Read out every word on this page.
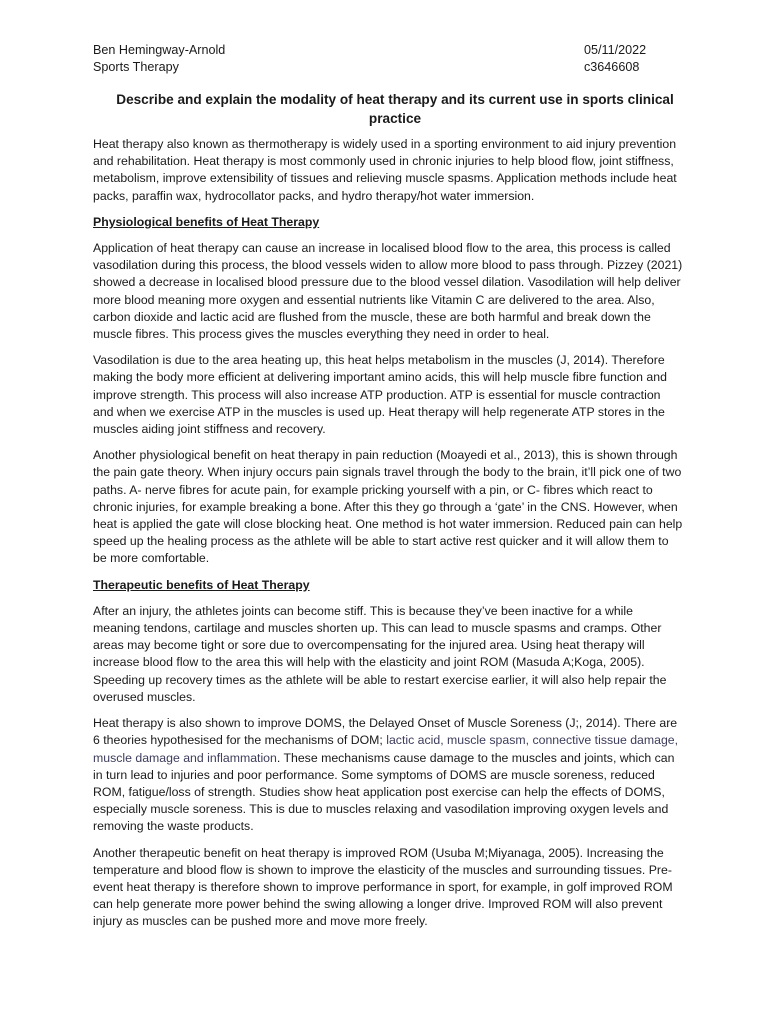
Ben Hemingway-Arnold
Sports Therapy
05/11/2022
c3646608
Describe and explain the modality of heat therapy and its current use in sports clinical practice

Heat therapy also known as thermotherapy is widely used in a sporting environment to aid injury prevention and rehabilitation. Heat therapy is most commonly used in chronic injuries to help blood flow, joint stiffness, metabolism, improve extensibility of tissues and relieving muscle spasms. Application methods include heat packs, paraffin wax, hydrocollator packs, and hydro therapy/hot water immersion.

Physiological benefits of Heat Therapy

Application of heat therapy can cause an increase in localised blood flow to the area, this process is called vasodilation during this process, the blood vessels widen to allow more blood to pass through. Pizzey (2021) showed a decrease in localised blood pressure due to the blood vessel dilation. Vasodilation will help deliver more blood meaning more oxygen and essential nutrients like Vitamin C are delivered to the area. Also, carbon dioxide and lactic acid are flushed from the muscle, these are both harmful and break down the muscle fibres. This process gives the muscles everything they need in order to heal.

Vasodilation is due to the area heating up, this heat helps metabolism in the muscles (J, 2014). Therefore making the body more efficient at delivering important amino acids, this will help muscle fibre function and improve strength. This process will also increase ATP production. ATP is essential for muscle contraction and when we exercise ATP in the muscles is used up. Heat therapy will help regenerate ATP stores in the muscles aiding joint stiffness and recovery.

Another physiological benefit on heat therapy in pain reduction (Moayedi et al., 2013), this is shown through the pain gate theory. When injury occurs pain signals travel through the body to the brain, it’ll pick one of two paths. A- nerve fibres for acute pain, for example pricking yourself with a pin, or C- fibres which react to chronic injuries, for example breaking a bone. After this they go through a ‘gate’ in the CNS. However, when heat is applied the gate will close blocking heat. One method is hot water immersion. Reduced pain can help speed up the healing process as the athlete will be able to start active rest quicker and it will allow them to be more comfortable.

Therapeutic benefits of Heat Therapy

After an injury, the athletes joints can become stiff. This is because they’ve been inactive for a while meaning tendons, cartilage and muscles shorten up. This can lead to muscle spasms and cramps. Other areas may become tight or sore due to overcompensating for the injured area. Using heat therapy will increase blood flow to the area this will help with the elasticity and joint ROM (Masuda A;Koga, 2005). Speeding up recovery times as the athlete will be able to restart exercise earlier, it will also help repair the overused muscles.

Heat therapy is also shown to improve DOMS, the Delayed Onset of Muscle Soreness (J;, 2014). There are 6 theories hypothesised for the mechanisms of DOM; lactic acid, muscle spasm, connective tissue damage, muscle damage and inflammation. These mechanisms cause damage to the muscles and joints, which can in turn lead to injuries and poor performance. Some symptoms of DOMS are muscle soreness, reduced ROM, fatigue/loss of strength. Studies show heat application post exercise can help the effects of DOMS, especially muscle soreness. This is due to muscles relaxing and vasodilation improving oxygen levels and removing the waste products.

Another therapeutic benefit on heat therapy is improved ROM (Usuba M;Miyanaga, 2005). Increasing the temperature and blood flow is shown to improve the elasticity of the muscles and surrounding tissues. Pre-event heat therapy is therefore shown to improve performance in sport, for example, in golf improved ROM can help generate more power behind the swing allowing a longer drive. Improved ROM will also prevent injury as muscles can be pushed more and move more freely.
